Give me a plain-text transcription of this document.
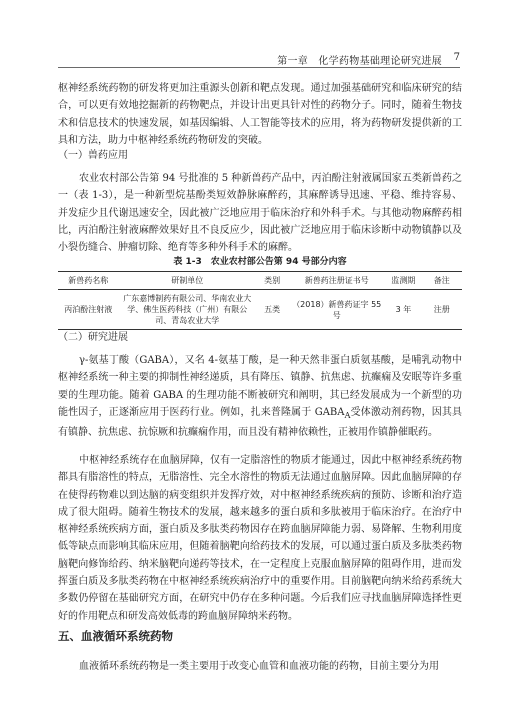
第一章　化学药物基础理论研究进展 7

枢神经系统药物的研发将更加注重源头创新和靶点发现。通过加强基础研究和临床研究的结合，可以更有效地挖掘新的药物靶点，并设计出更具针对性的药物分子。同时，随着生物技术和信息技术的快速发展，如基因编辑、人工智能等技术的应用，将为药物研发提供新的工具和方法，助力中枢神经系统药物研发的突破。

（一）兽药应用

农业农村部公告第 94 号批准的 5 种新兽药产品中，丙泊酚注射液属国家五类新兽药之一（表 1-3），是一种新型烷基酚类短效静脉麻醉药，其麻醉诱导迅速、平稳、维持容易、并发症少且代谢迅速安全，因此被广泛地应用于临床治疗和外科手术。与其他动物麻醉药相比，丙泊酚注射液麻醉效果好且不良反应少，因此被广泛地应用于临床诊断中动物镇静以及小裂伤缝合、肿瘤切除、绝育等多种外科手术的麻醉。

表 1-3　农业农村部公告第 94 号部分内容
新兽药名称	研制单位	类别	新兽药注册证书号	监测期	备注
丙泊酚注射液	广东嘉博制药有限公司、华南农业大学、佛生医药科技（广州）有限公司、青岛农业大学	五类	（2018）新兽药证字 55 号	3 年	注册
（二）研究进展

γ-氨基丁酸（GABA），又名 4-氨基丁酸，是一种天然非蛋白质氨基酸，是哺乳动物中枢神经系统一种主要的抑制性神经递质，具有降压、镇静、抗焦虑、抗癫痫及安眠等许多重要的生理功能。随着 GABA 的生理功能不断被研究和阐明，其已经发展成为一个新型的功能性因子，正逐渐应用于医药行业。例如，扎来普隆属于 $GABA_A$受体激动剂药物，因其具有镇静、抗焦虑、抗惊厥和抗癫痫作用，而且没有精神依赖性，正被用作镇静催眠药。

中枢神经系统存在血脑屏障，仅有一定脂溶性的物质才能通过，因此中枢神经系统药物都具有脂溶性的特点，无脂溶性、完全水溶性的物质无法通过血脑屏障。因此血脑屏障的存在使得药物难以到达脑的病变组织并发挥疗效，对中枢神经系统疾病的预防、诊断和治疗造成了很大阻碍。随着生物技术的发展，越来越多的蛋白质和多肽被用于临床治疗。在治疗中枢神经系统疾病方面，蛋白质及多肽类药物因存在跨血脑屏障能力弱、易降解、生物利用度低等缺点而影响其临床应用，但随着脑靶向给药技术的发展，可以通过蛋白质及多肽类药物脑靶向修饰给药、纳米脑靶向递药等技术，在一定程度上克服血脑屏障的阻碍作用，进而发挥蛋白质及多肽类药物在中枢神经系统疾病治疗中的重要作用。目前脑靶向纳米给药系统大多数仍停留在基础研究方面，在研究中仍存在多种问题。今后我们应寻找血脑屏障选择性更好的作用靶点和研发高效低毒的跨血脑屏障纳米药物。

五、血液循环系统药物

血液循环系统药物是一类主要用于改变心血管和血液功能的药物，目前主要分为用
